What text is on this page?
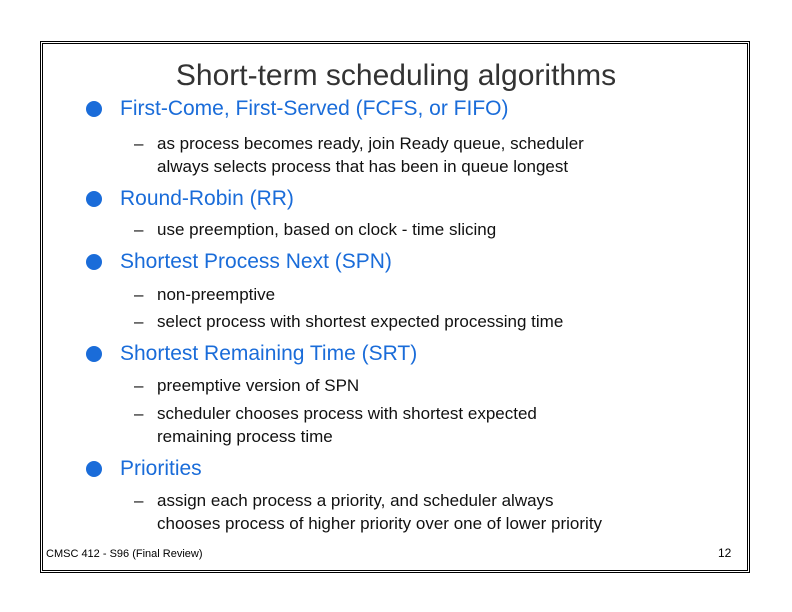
Short-term scheduling algorithms
First-Come, First-Served (FCFS, or FIFO)
– as process becomes ready, join Ready queue, scheduler
always selects process that has been in queue longest
Round-Robin (RR)
– use preemption, based on clock - time slicing
Shortest Process Next (SPN)
– non-preemptive
– select process with shortest expected processing time
Shortest Remaining Time (SRT)
– preemptive version of SPN
– scheduler chooses process with shortest expected
remaining process time
Priorities
– assign each process a priority, and scheduler always
chooses process of higher priority over one of lower priority
CMSC 412 - S96 (Final Review)	12
